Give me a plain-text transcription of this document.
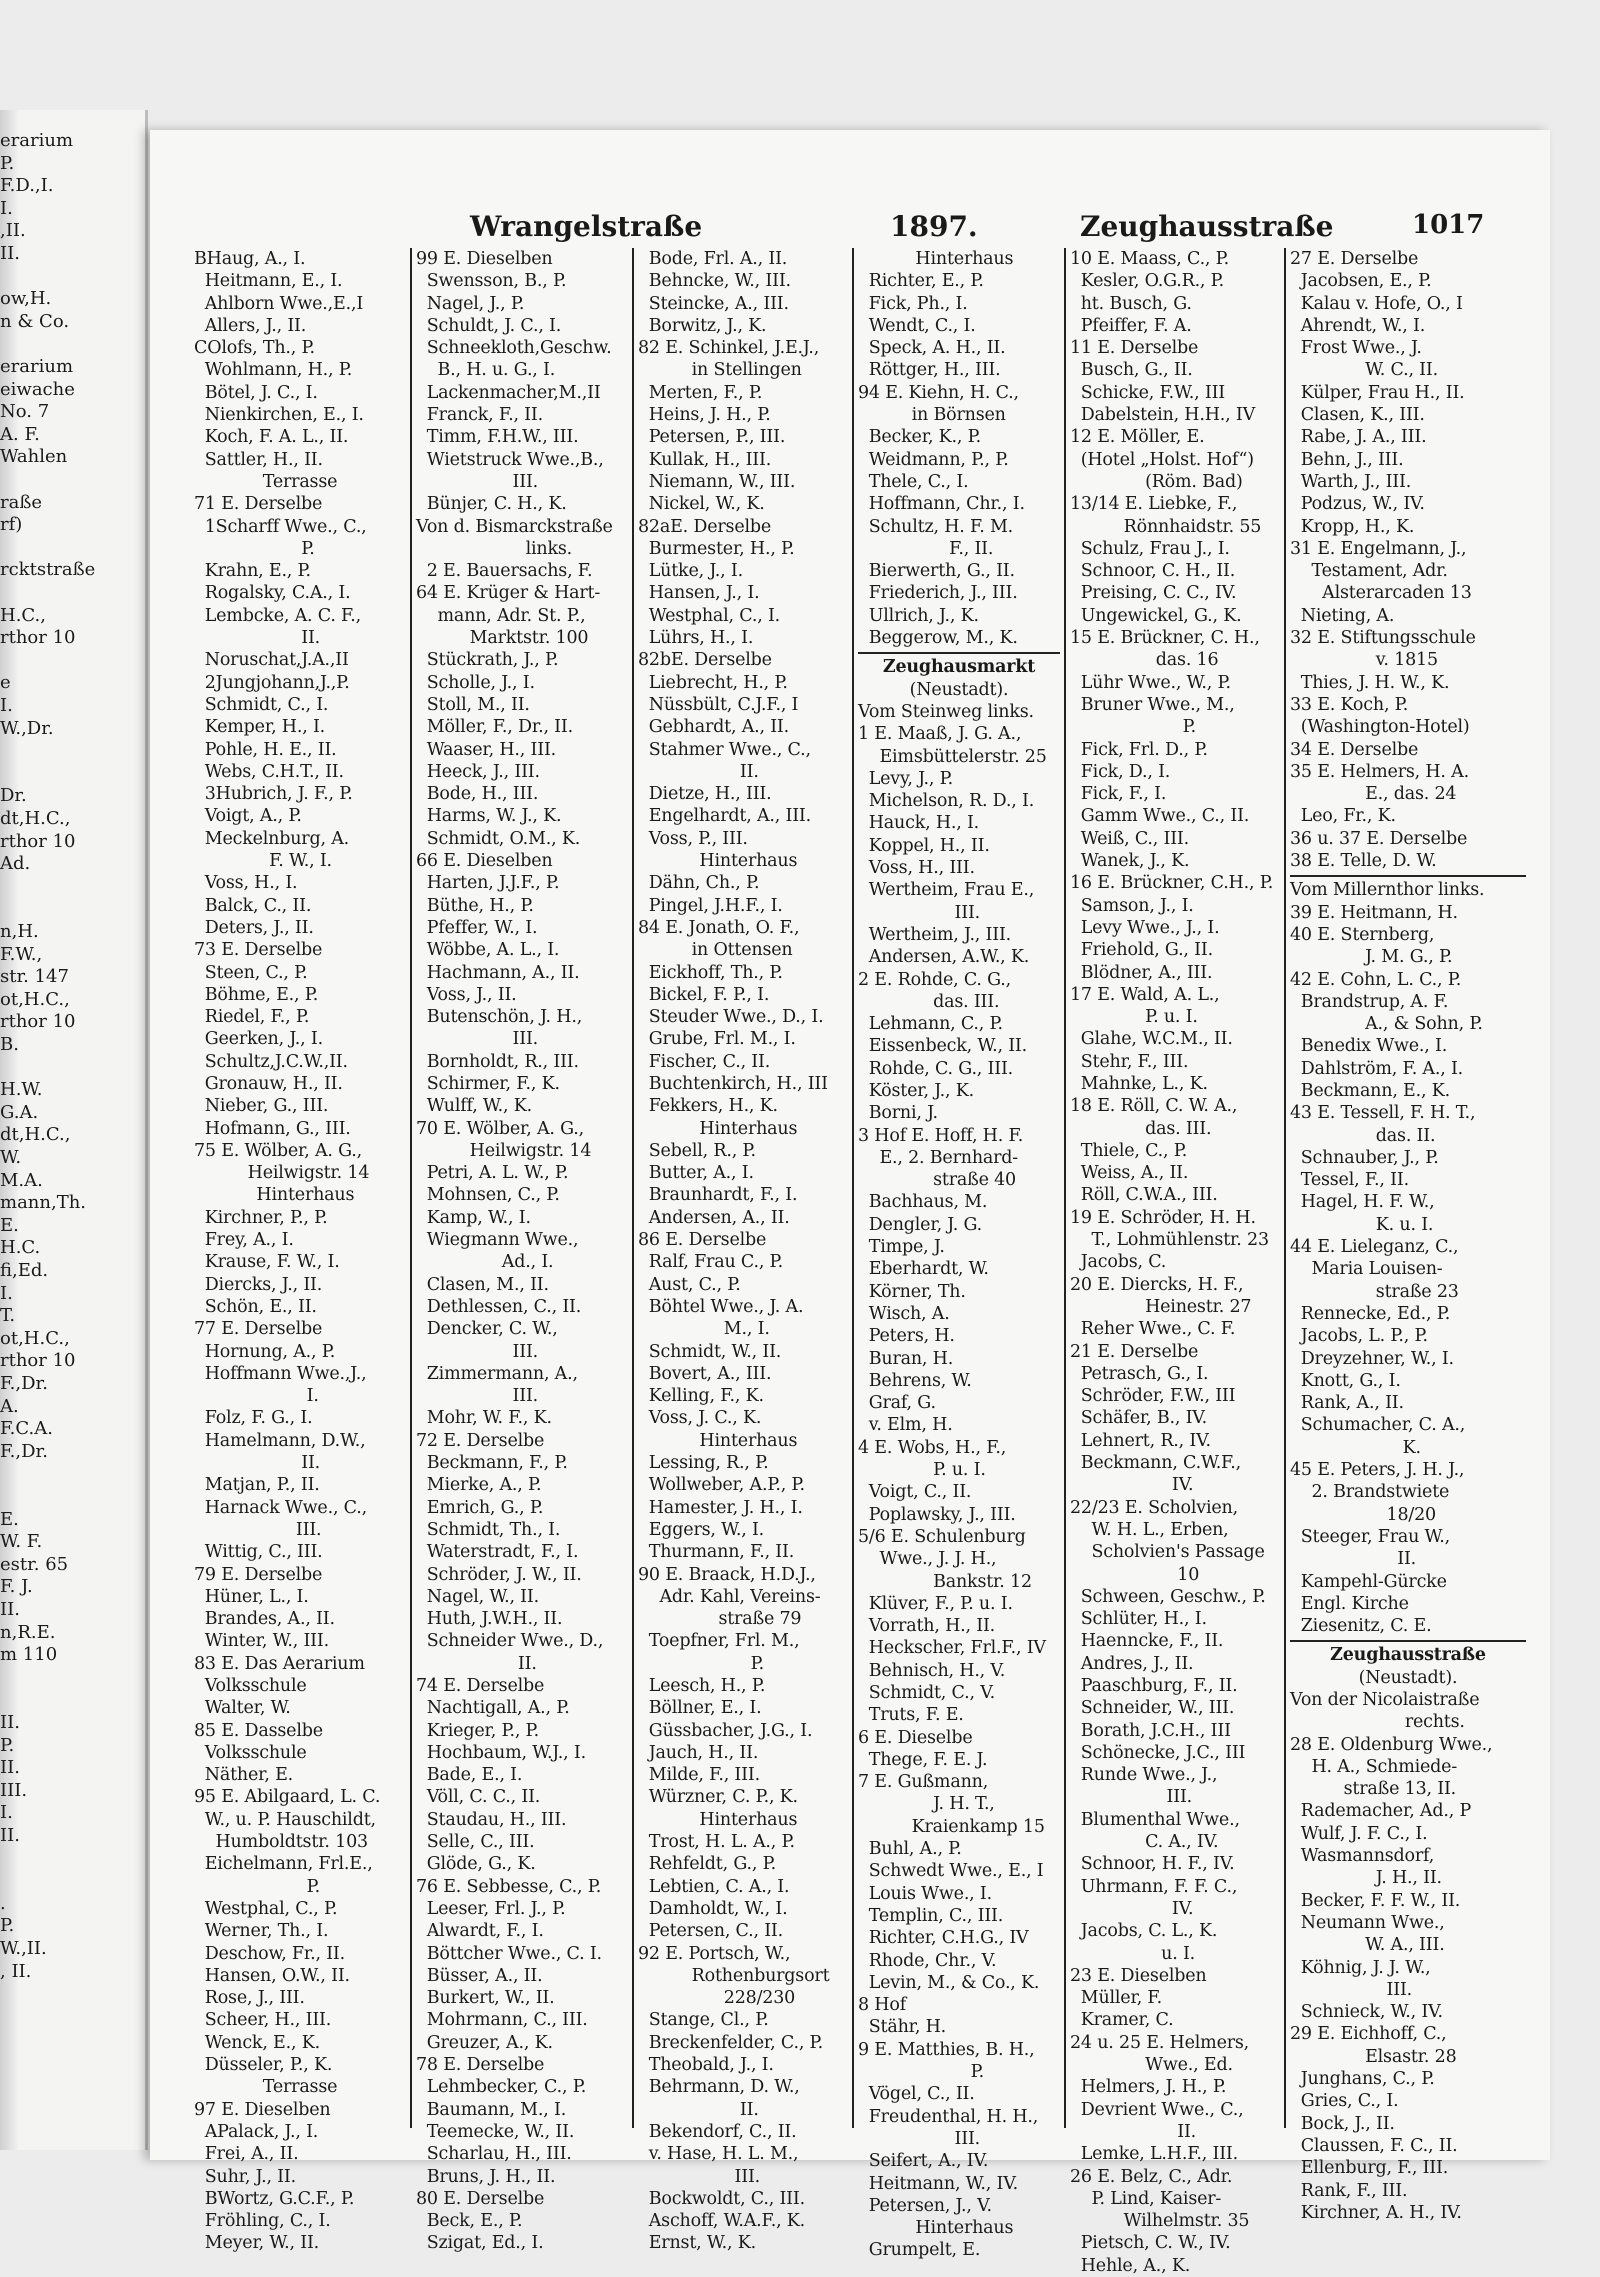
erarium
P.
F.D.,I.
I.
,II.
II.
ow,H.
n & Co.
erarium
eiwache
No. 7
A. F.
Wahlen
raße
rf)
rcktstraße
H.C.,
rthor 10
e
I.
W.,Dr.
Dr.
dt,H.C.,
rthor 10
Ad.
n,H.
F.W.,
str. 147
ot,H.C.,
rthor 10
B.
H.W.
G.A.
dt,H.C.,
W.
M.A.
mann,Th.
E.
H.C.
fi,Ed.
I.
T.
ot,H.C.,
rthor 10
F.,Dr.
A.
F.C.A.
F.,Dr.
E.
W. F.
estr. 65
F. J.
II.
n,R.E.
m 110
II.
P.
II.
III.
I.
II.
.
P.
W.,II.
, II.
Wrangelstraße	1897.	Zeughausstraße	1017
BHaug, A., I.
Heitmann, E., I.
Ahlborn Wwe.,E.,I
Allers, J., II.
COlofs, Th., P.
Wohlmann, H., P.
Bötel, J. C., I.
Nienkirchen, E., I.
Koch, F. A. L., II.
Sattler, H., II.
Terrasse
71 E. Derselbe
1Scharff Wwe., C.,
P.
Krahn, E., P.
Rogalsky, C.A., I.
Lembcke, A. C. F.,
II.
Noruschat,J.A.,II
2Jungjohann,J.,P.
Schmidt, C., I.
Kemper, H., I.
Pohle, H. E., II.
Webs, C.H.T., II.
3Hubrich, J. F., P.
Voigt, A., P.
Meckelnburg, A.
F. W., I.
Voss, H., I.
Balck, C., II.
Deters, J., II.
73 E. Derselbe
Steen, C., P.
Böhme, E., P.
Riedel, F., P.
Geerken, J., I.
Schultz,J.C.W.,II.
Gronauw, H., II.
Nieber, G., III.
Hofmann, G., III.
75 E. Wölber, A. G.,
Heilwigstr. 14
Hinterhaus
Kirchner, P., P.
Frey, A., I.
Krause, F. W., I.
Diercks, J., II.
Schön, E., II.
77 E. Derselbe
Hornung, A., P.
Hoffmann Wwe.,J.,
I.
Folz, F. G., I.
Hamelmann, D.W.,
II.
Matjan, P., II.
Harnack Wwe., C.,
III.
Wittig, C., III.
79 E. Derselbe
Hüner, L., I.
Brandes, A., II.
Winter, W., III.
83 E. Das Aerarium
Volksschule
Walter, W.
85 E. Dasselbe
Volksschule
Näther, E.
95 E. Abilgaard, L. C.
W., u. P. Hauschildt,
Humboldtstr. 103
Eichelmann, Frl.E.,
P.
Westphal, C., P.
Werner, Th., I.
Deschow, Fr., II.
Hansen, O.W., II.
Rose, J., III.
Scheer, H., III.
Wenck, E., K.
Düsseler, P., K.
Terrasse
97 E. Dieselben
APalack, J., I.
Frei, A., II.
Suhr, J., II.
BWortz, G.C.F., P.
Fröhling, C., I.
Meyer, W., II.
99 E. Dieselben
Swensson, B., P.
Nagel, J., P.
Schuldt, J. C., I.
Schneekloth,Geschw.
B., H. u. G., I.
Lackenmacher,M.,II
Franck, F., II.
Timm, F.H.W., III.
Wietstruck Wwe.,B.,
III.
Bünjer, C. H., K.
Von d. Bismarckstraße
links.
2 E. Bauersachs, F.
64 E. Krüger & Hart-
mann, Adr. St. P.,
Marktstr. 100
Stückrath, J., P.
Scholle, J., I.
Stoll, M., II.
Möller, F., Dr., II.
Waaser, H., III.
Heeck, J., III.
Bode, H., III.
Harms, W. J., K.
Schmidt, O.M., K.
66 E. Dieselben
Harten, J.J.F., P.
Büthe, H., P.
Pfeffer, W., I.
Wöbbe, A. L., I.
Hachmann, A., II.
Voss, J., II.
Butenschön, J. H.,
III.
Bornholdt, R., III.
Schirmer, F., K.
Wulff, W., K.
70 E. Wölber, A. G.,
Heilwigstr. 14
Petri, A. L. W., P.
Mohnsen, C., P.
Kamp, W., I.
Wiegmann Wwe.,
Ad., I.
Clasen, M., II.
Dethlessen, C., II.
Dencker, C. W.,
III.
Zimmermann, A.,
III.
Mohr, W. F., K.
72 E. Derselbe
Beckmann, F., P.
Mierke, A., P.
Emrich, G., P.
Schmidt, Th., I.
Waterstradt, F., I.
Schröder, J. W., II.
Nagel, W., II.
Huth, J.W.H., II.
Schneider Wwe., D.,
II.
74 E. Derselbe
Nachtigall, A., P.
Krieger, P., P.
Hochbaum, W.J., I.
Bade, E., I.
Völl, C. C., II.
Staudau, H., III.
Selle, C., III.
Glöde, G., K.
76 E. Sebbesse, C., P.
Leeser, Frl. J., P.
Alwardt, F., I.
Böttcher Wwe., C. I.
Büsser, A., II.
Burkert, W., II.
Mohrmann, C., III.
Greuzer, A., K.
78 E. Derselbe
Lehmbecker, C., P.
Baumann, M., I.
Teemecke, W., II.
Scharlau, H., III.
Bruns, J. H., II.
80 E. Derselbe
Beck, E., P.
Szigat, Ed., I.
Bode, Frl. A., II.
Behncke, W., III.
Steincke, A., III.
Borwitz, J., K.
82 E. Schinkel, J.E.J.,
in Stellingen
Merten, F., P.
Heins, J. H., P.
Petersen, P., III.
Kullak, H., III.
Niemann, W., III.
Nickel, W., K.
82aE. Derselbe
Burmester, H., P.
Lütke, J., I.
Hansen, J., I.
Westphal, C., I.
Lührs, H., I.
82bE. Derselbe
Liebrecht, H., P.
Nüssbült, C.J.F., I
Gebhardt, A., II.
Stahmer Wwe., C.,
II.
Dietze, H., III.
Engelhardt, A., III.
Voss, P., III.
Hinterhaus
Dähn, Ch., P.
Pingel, J.H.F., I.
84 E. Jonath, O. F.,
in Ottensen
Eickhoff, Th., P.
Bickel, F. P., I.
Steuder Wwe., D., I.
Grube, Frl. M., I.
Fischer, C., II.
Buchtenkirch, H., III
Fekkers, H., K.
Hinterhaus
Sebell, R., P.
Butter, A., I.
Braunhardt, F., I.
Andersen, A., II.
86 E. Derselbe
Ralf, Frau C., P.
Aust, C., P.
Böhtel Wwe., J. A.
M., I.
Schmidt, W., II.
Bovert, A., III.
Kelling, F., K.
Voss, J. C., K.
Hinterhaus
Lessing, R., P.
Wollweber, A.P., P.
Hamester, J. H., I.
Eggers, W., I.
Thurmann, F., II.
90 E. Braack, H.D.J.,
Adr. Kahl, Vereins-
straße 79
Toepfner, Frl. M.,
P.
Leesch, H., P.
Böllner, E., I.
Güssbacher, J.G., I.
Jauch, H., II.
Milde, F., III.
Würzner, C. P., K.
Hinterhaus
Trost, H. L. A., P.
Rehfeldt, G., P.
Lebtien, C. A., I.
Damholdt, W., I.
Petersen, C., II.
92 E. Portsch, W.,
Rothenburgsort
228/230
Stange, Cl., P.
Breckenfelder, C., P.
Theobald, J., I.
Behrmann, D. W.,
II.
Bekendorf, C., II.
v. Hase, H. L. M.,
III.
Bockwoldt, C., III.
Aschoff, W.A.F., K.
Ernst, W., K.
Hinterhaus
Richter, E., P.
Fick, Ph., I.
Wendt, C., I.
Speck, A. H., II.
Röttger, H., III.
94 E. Kiehn, H. C.,
in Börnsen
Becker, K., P.
Weidmann, P., P.
Thele, C., I.
Hoffmann, Chr., I.
Schultz, H. F. M.
F., II.
Bierwerth, G., II.
Friederich, J., III.
Ullrich, J., K.
Beggerow, M., K.
Zeughausmarkt
(Neustadt).
Vom Steinweg links.
1 E. Maaß, J. G. A.,
Eimsbüttelerstr. 25
Levy, J., P.
Michelson, R. D., I.
Hauck, H., I.
Koppel, H., II.
Voss, H., III.
Wertheim, Frau E.,
III.
Wertheim, J., III.
Andersen, A.W., K.
2 E. Rohde, C. G.,
das. III.
Lehmann, C., P.
Eissenbeck, W., II.
Rohde, C. G., III.
Köster, J., K.
Borni, J.
3 Hof E. Hoff, H. F.
E., 2. Bernhard-
straße 40
Bachhaus, M.
Dengler, J. G.
Timpe, J.
Eberhardt, W.
Körner, Th.
Wisch, A.
Peters, H.
Buran, H.
Behrens, W.
Graf, G.
v. Elm, H.
4 E. Wobs, H., F.,
P. u. I.
Voigt, C., II.
Poplawsky, J., III.
5/6 E. Schulenburg
Wwe., J. J. H.,
Bankstr. 12
Klüver, F., P. u. I.
Vorrath, H., II.
Heckscher, Frl.F., IV
Behnisch, H., V.
Schmidt, C., V.
Truts, F. E.
6 E. Dieselbe
Thege, F. E. J.
7 E. Gußmann,
J. H. T.,
Kraienkamp 15
Buhl, A., P.
Schwedt Wwe., E., I
Louis Wwe., I.
Templin, C., III.
Richter, C.H.G., IV
Rhode, Chr., V.
Levin, M., & Co., K.
8 Hof
Stähr, H.
9 E. Matthies, B. H.,
P.
Vögel, C., II.
Freudenthal, H. H.,
III.
Seifert, A., IV.
Heitmann, W., IV.
Petersen, J., V.
Hinterhaus
Grumpelt, E.
10 E. Maass, C., P.
Kesler, O.G.R., P.
ht. Busch, G.
Pfeiffer, F. A.
11 E. Derselbe
Busch, G., II.
Schicke, F.W., III
Dabelstein, H.H., IV
12 E. Möller, E.
(Hotel „Holst. Hof“)
(Röm. Bad)
13/14 E. Liebke, F.,
Rönnhaidstr. 55
Schulz, Frau J., I.
Schnoor, C. H., II.
Preising, C. C., IV.
Ungewickel, G., K.
15 E. Brückner, C. H.,
das. 16
Lühr Wwe., W., P.
Bruner Wwe., M.,
P.
Fick, Frl. D., P.
Fick, D., I.
Fick, F., I.
Gamm Wwe., C., II.
Weiß, C., III.
Wanek, J., K.
16 E. Brückner, C.H., P.
Samson, J., I.
Levy Wwe., J., I.
Friehold, G., II.
Blödner, A., III.
17 E. Wald, A. L.,
P. u. I.
Glahe, W.C.M., II.
Stehr, F., III.
Mahnke, L., K.
18 E. Röll, C. W. A.,
das. III.
Thiele, C., P.
Weiss, A., II.
Röll, C.W.A., III.
19 E. Schröder, H. H.
T., Lohmühlenstr. 23
Jacobs, C.
20 E. Diercks, H. F.,
Heinestr. 27
Reher Wwe., C. F.
21 E. Derselbe
Petrasch, G., I.
Schröder, F.W., III
Schäfer, B., IV.
Lehnert, R., IV.
Beckmann, C.W.F.,
IV.
22/23 E. Scholvien,
W. H. L., Erben,
Scholvien's Passage
10
Schween, Geschw., P.
Schlüter, H., I.
Haenncke, F., II.
Andres, J., II.
Paaschburg, F., II.
Schneider, W., III.
Borath, J.C.H., III
Schönecke, J.C., III
Runde Wwe., J.,
III.
Blumenthal Wwe.,
C. A., IV.
Schnoor, H. F., IV.
Uhrmann, F. F. C.,
IV.
Jacobs, C. L., K.
u. I.
23 E. Dieselben
Müller, F.
Kramer, C.
24 u. 25 E. Helmers,
Wwe., Ed.
Helmers, J. H., P.
Devrient Wwe., C.,
II.
Lemke, L.H.F., III.
26 E. Belz, C., Adr.
P. Lind, Kaiser-
Wilhelmstr. 35
Pietsch, C. W., IV.
Hehle, A., K.
27 E. Derselbe
Jacobsen, E., P.
Kalau v. Hofe, O., I
Ahrendt, W., I.
Frost Wwe., J.
W. C., II.
Külper, Frau H., II.
Clasen, K., III.
Rabe, J. A., III.
Behn, J., III.
Warth, J., III.
Podzus, W., IV.
Kropp, H., K.
31 E. Engelmann, J.,
Testament, Adr.
Alsterarcaden 13
Nieting, A.
32 E. Stiftungsschule
v. 1815
Thies, J. H. W., K.
33 E. Koch, P.
(Washington-Hotel)
34 E. Derselbe
35 E. Helmers, H. A.
E., das. 24
Leo, Fr., K.
36 u. 37 E. Derselbe
38 E. Telle, D. W.
Vom Millernthor links.
39 E. Heitmann, H.
40 E. Sternberg,
J. M. G., P.
42 E. Cohn, L. C., P.
Brandstrup, A. F.
A., & Sohn, P.
Benedix Wwe., I.
Dahlström, F. A., I.
Beckmann, E., K.
43 E. Tessell, F. H. T.,
das. II.
Schnauber, J., P.
Tessel, F., II.
Hagel, H. F. W.,
K. u. I.
44 E. Lieleganz, C.,
Maria Louisen-
straße 23
Rennecke, Ed., P.
Jacobs, L. P., P.
Dreyzehner, W., I.
Knott, G., I.
Rank, A., II.
Schumacher, C. A.,
K.
45 E. Peters, J. H. J.,
2. Brandstwiete
18/20
Steeger, Frau W.,
II.
Kampehl-Gürcke
Engl. Kirche
Ziesenitz, C. E.
Zeughausstraße
(Neustadt).
Von der Nicolaistraße
rechts.
28 E. Oldenburg Wwe.,
H. A., Schmiede-
straße 13, II.
Rademacher, Ad., P
Wulf, J. F. C., I.
Wasmannsdorf,
J. H., II.
Becker, F. F. W., II.
Neumann Wwe.,
W. A., III.
Köhnig, J. J. W.,
III.
Schnieck, W., IV.
29 E. Eichhoff, C.,
Elsastr. 28
Junghans, C., P.
Gries, C., I.
Bock, J., II.
Claussen, F. C., II.
Ellenburg, F., III.
Rank, F., III.
Kirchner, A. H., IV.
